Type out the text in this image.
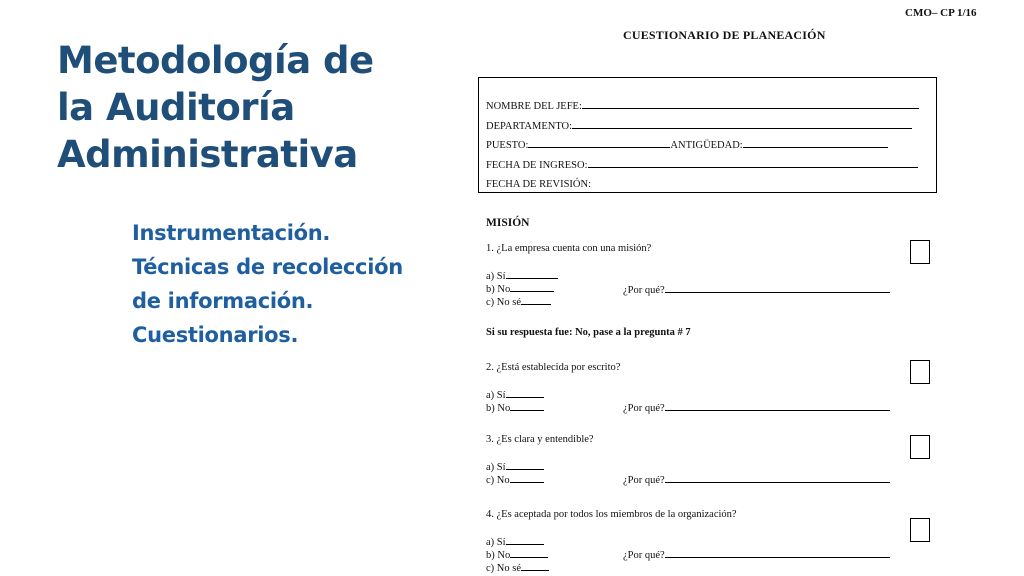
Metodología de
la Auditoría
Administrativa
Instrumentación.
Técnicas de recolección
de información.
Cuestionarios.
CMO– CP 1/16
CUESTIONARIO DE PLANEACIÓN
NOMBRE DEL JEFE:
DEPARTAMENTO:
PUESTO:	ANTIGÜEDAD:
FECHA DE INGRESO:
FECHA DE REVISIÓN:
MISIÓN
1. ¿La empresa cuenta con una misión?
a) Sí
b) No
c) No sé
¿Por qué?
Si su respuesta fue: No, pase a la pregunta # 7
2. ¿Está establecida por escrito?
a) Sí
b) No	¿Por qué?
3. ¿Es clara y entendible?
a) Sí
c) No	¿Por qué?
4. ¿Es aceptada por todos los miembros de la organización?
a) Sí
b) No
c) No sé
¿Por qué?
